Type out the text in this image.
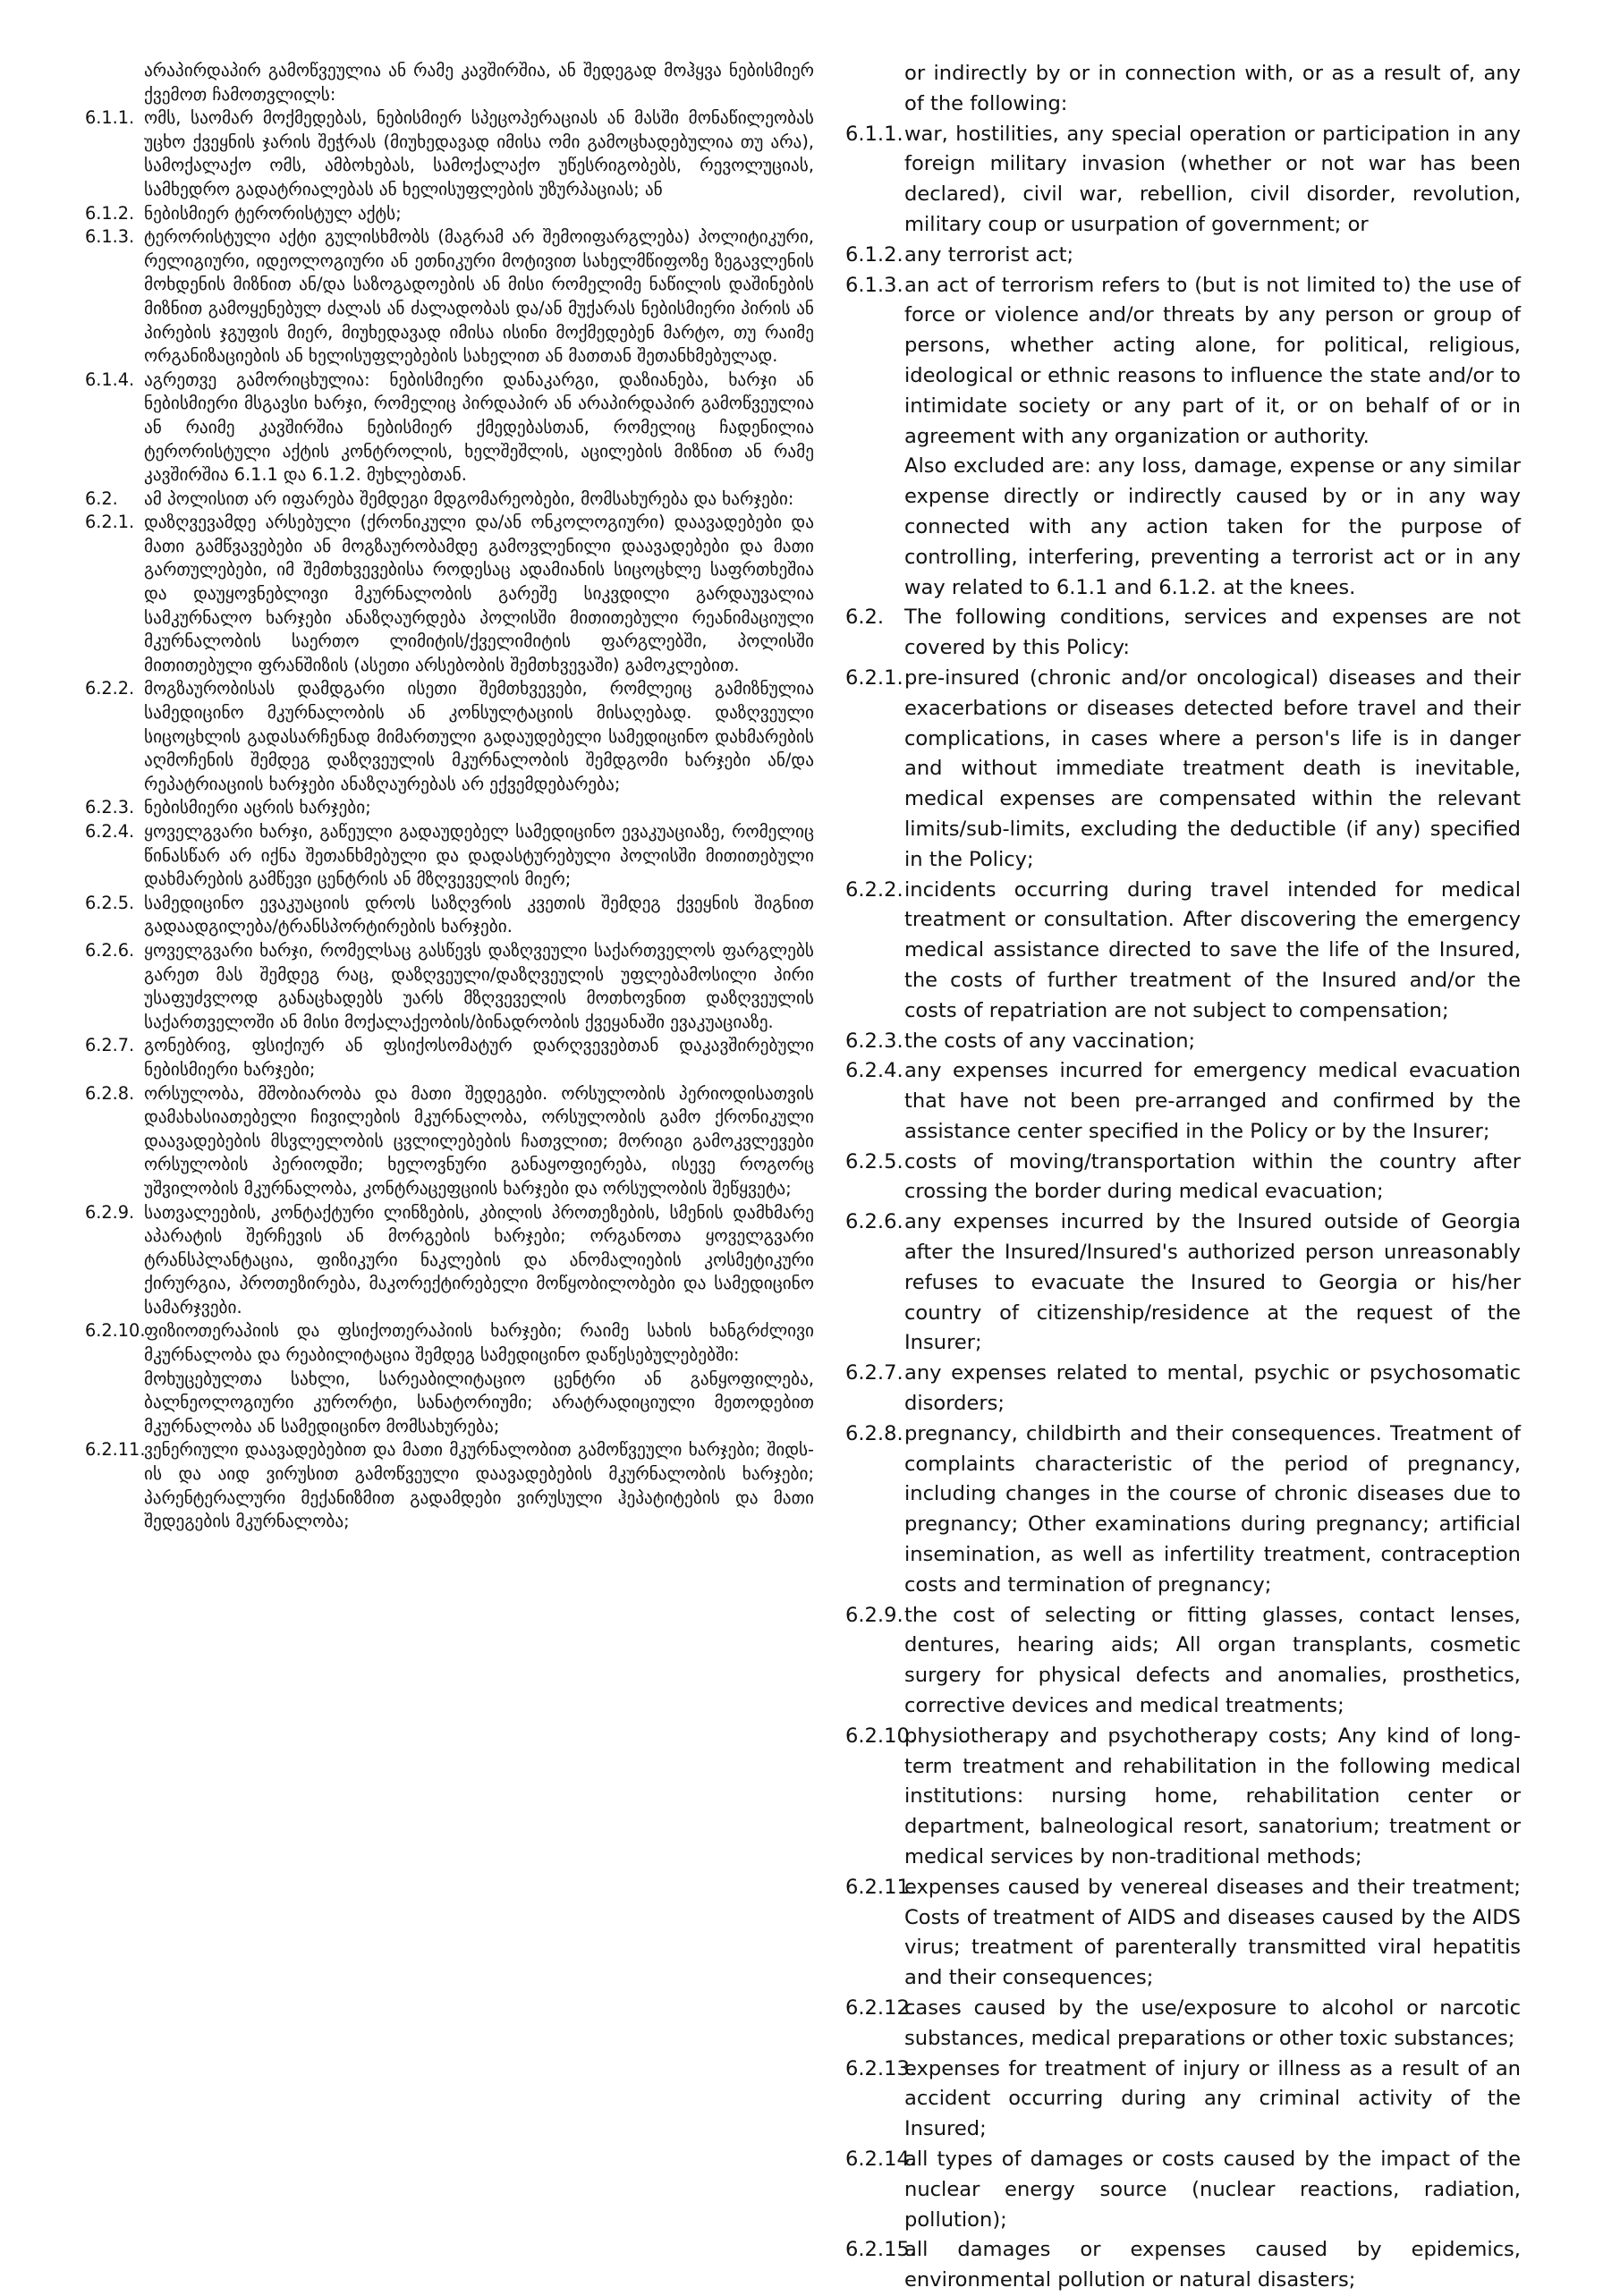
არაპირდაპირ გამოწვეულია ან რამე კავშირშია, ან შედეგად მოჰყვა ნებისმიერ ქვემოთ ჩამოთვლილს:
6.1.1. ომს, საომარ მოქმედებას, ნებისმიერ სპეცოპერაციას ან მასში მონაწილეობას უცხო ქვეყნის ჯარის შეჭრას (მიუხედავად იმისა ომი გამოცხადებულია თუ არა), სამოქალაქო ომს, ამბოხებას, სამოქალაქო უწესრიგობებს, რევოლუციას, სამხედრო გადატრიალებას ან ხელისუფლების უზურპაციას; ან
6.1.2. ნებისმიერ ტერორისტულ აქტს;
6.1.3. ტერორისტული აქტი გულისხმობს (მაგრამ არ შემოიფარგლება) პოლიტიკური, რელიგიური, იდეოლოგიური ან ეთნიკური მოტივით სახელმწიფოზე ზეგავლენის მოხდენის მიზნით ან/და საზოგადოების ან მისი რომელიმე ნაწილის დაშინების მიზნით გამოყენებულ ძალას ან ძალადობას და/ან მუქარას ნებისმიერი პირის ან პირების ჯგუფის მიერ, მიუხედავად იმისა ისინი მოქმედებენ მარტო, თუ რაიმე ორგანიზაციების ან ხელისუფლებების სახელით ან მათთან შეთანხმებულად.
6.1.4. აგრეთვე გამორიცხულია: ნებისმიერი დანაკარგი, დაზიანება, ხარჯი ან ნებისმიერი მსგავსი ხარჯი, რომელიც პირდაპირ ან არაპირდაპირ გამოწვეულია ან რაიმე კავშირშია ნებისმიერ ქმედებასთან, რომელიც ჩადენილია ტერორისტული აქტის კონტროლის, ხელშეშლის, აცილების მიზნით ან რამე კავშირშია 6.1.1 და 6.1.2. მუხლებთან.
6.2.	ამ პოლისით არ იფარება შემდეგი მდგომარეობები, მომსახურება და ხარჯები:
6.2.1. დაზღვევამდე არსებული (ქრონიკული და/ან ონკოლოგიური) დაავადებები და მათი გამწვავებები ან მოგზაურობამდე გამოვლენილი დაავადებები და მათი გართულებები, იმ შემთხვევებისა როდესაც ადამიანის სიცოცხლე საფრთხეშია და დაუყოვნებლივი მკურნალობის გარეშე სიკვდილი გარდაუვალია სამკურნალო ხარჯები ანაზღაურდება პოლისში მითითებული რეანიმაციული მკურნალობის საერთო ლიმიტის/ქველიმიტის ფარგლებში, პოლისში მითითებული ფრანშიზის (ასეთი არსებობის შემთხვევაში) გამოკლებით.
6.2.2. მოგზაურობისას დამდგარი ისეთი შემთხვევები, რომლეიც გამიზნულია სამედიცინო მკურნალობის ან კონსულტაციის მისაღებად. დაზღვეული სიცოცხლის გადასარჩენად მიმართული გადაუდებელი სამედიცინო დახმარების აღმოჩენის შემდეგ დაზღვეულის მკურნალობის შემდგომი ხარჯები ან/და რეპატრიაციის ხარჯები ანაზღაურებას არ ექვემდებარება;
6.2.3. ნებისმიერი აცრის ხარჯები;
6.2.4. ყოველგვარი ხარჯი, გაწეული გადაუდებელ სამედიცინო ევაკუაციაზე, რომელიც წინასწარ არ იქნა შეთანხმებული და დადასტურებული პოლისში მითითებული დახმარების გამწევი ცენტრის ან მზღვეველის მიერ;
6.2.5. სამედიცინო ევაკუაციის დროს საზღვრის კვეთის შემდეგ ქვეყნის შიგნით გადაადგილება/ტრანსპორტირების ხარჯები.
6.2.6. ყოველგვარი ხარჯი, რომელსაც გასწევს დაზღვეული საქართველოს ფარგლებს გარეთ მას შემდეგ რაც, დაზღვეული/დაზღვეულის უფლებამოსილი პირი უსაფუძვლოდ განაცხადებს უარს მზღვეველის მოთხოვნით დაზღვეულის საქართველოში ან მისი მოქალაქეობის/ბინადრობის ქვეყანაში ევაკუაციაზე.
6.2.7. გონებრივ, ფსიქიურ ან ფსიქოსომატურ დარღვევებთან დაკავშირებული ნებისმიერი ხარჯები;
6.2.8. ორსულობა, მშობიარობა და მათი შედეგები. ორსულობის პერიოდისათვის დამახასიათებელი ჩივილების მკურნალობა, ორსულობის გამო ქრონიკული დაავადებების მსვლელობის ცვლილებების ჩათვლით; მორიგი გამოკვლევები ორსულობის პერიოდში; ხელოვნური განაყოფიერება, ისევე როგორც უშვილობის მკურნალობა, კონტრაცეფციის ხარჯები და ორსულობის შეწყვეტა;
6.2.9. სათვალეების, კონტაქტური ლინზების, კბილის პროთეზების, სმენის დამხმარე აპარატის შერჩევის ან მორგების ხარჯები; ორგანოთა ყოველგვარი ტრანსპლანტაცია, ფიზიკური ნაკლების და ანომალიების კოსმეტიკური ქირურგია, პროთეზირება, მაკორექტირებელი მოწყობილობები და სამედიცინო სამარჯვები.
6.2.10.
ფიზიოთერაპიის და ფსიქოთერაპიის ხარჯები; რაიმე სახის ხანგრძლივი მკურნალობა და რეაბილიტაცია შემდეგ სამედიცინო დაწესებულებებში:
მოხუცებულთა სახლი, სარეაბილიტაციო ცენტრი ან განყოფილება, ბალნეოლოგიური კურორტი, სანატორიუმი; არატრადიციული მეთოდებით მკურნალობა ან სამედიცინო მომსახურება;
6.2.11.
ვენერიული დაავადებებით და მათი მკურნალობით გამოწვეული ხარჯები; შიდს-ის და აიდ ვირუსით გამოწვეული დაავადებების მკურნალობის ხარჯები; პარენტერალური მექანიზმით გადამდები ვირუსული ჰეპატიტების და მათი შედეგების მკურნალობა;
or indirectly by or in connection with, or as a result of, any of the following:
6.1.1. war, hostilities, any special operation or participation in any foreign military invasion (whether or not war has been declared), civil war, rebellion, civil disorder, revolution, military coup or usurpation of government; or
6.1.2. any terrorist act;
6.1.3. an act of terrorism refers to (but is not limited to) the use of force or violence and/or threats by any person or group of persons, whether acting alone, for political, religious, ideological or ethnic reasons to influence the state and/or to intimidate society or any part of it, or on behalf of or in agreement with any organization or authority.
Also excluded are: any loss, damage, expense or any similar expense directly or indirectly caused by or in any way connected with any action taken for the purpose of controlling, interfering, preventing a terrorist act or in any way related to 6.1.1 and 6.1.2. at the knees.
6.2.	The following conditions, services and expenses are not covered by this Policy:
6.2.1. pre-insured (chronic and/or oncological) diseases and their exacerbations or diseases detected before travel and their complications, in cases where a person's life is in danger and without immediate treatment death is inevitable, medical expenses are compensated within the relevant limits/sub-limits, excluding the deductible (if any) specified in the Policy;
6.2.2. incidents occurring during travel intended for medical treatment or consultation. After discovering the emergency medical assistance directed to save the life of the Insured, the costs of further treatment of the Insured and/or the costs of repatriation are not subject to compensation;
6.2.3. the costs of any vaccination;
6.2.4. any expenses incurred for emergency medical evacuation that have not been pre-arranged and confirmed by the assistance center specified in the Policy or by the Insurer;
6.2.5. costs of moving/transportation within the country after crossing the border during medical evacuation;
6.2.6. any expenses incurred by the Insured outside of Georgia after the Insured/Insured's authorized person unreasonably refuses to evacuate the Insured to Georgia or his/her country of citizenship/residence at the request of the Insurer;
6.2.7. any expenses related to mental, psychic or psychosomatic disorders;
6.2.8. pregnancy, childbirth and their consequences. Treatment of complaints characteristic of the period of pregnancy, including changes in the course of chronic diseases due to pregnancy; Other examinations during pregnancy; artificial insemination, as well as infertility treatment, contraception costs and termination of pregnancy;
6.2.9. the cost of selecting or fitting glasses, contact lenses, dentures, hearing aids; All organ transplants, cosmetic surgery for physical defects and anomalies, prosthetics, corrective devices and medical treatments;
6.2.10.
physiotherapy and psychotherapy costs; Any kind of long-term treatment and rehabilitation in the following medical institutions: nursing home, rehabilitation center or department, balneological resort, sanatorium; treatment or medical services by non-traditional methods;
6.2.11.
expenses caused by venereal diseases and their treatment; Costs of treatment of AIDS and diseases caused by the AIDS virus; treatment of parenterally transmitted viral hepatitis and their consequences;
6.2.12.
cases caused by the use/exposure to alcohol or narcotic substances, medical preparations or other toxic substances;
6.2.13.
expenses for treatment of injury or illness as a result of an accident occurring during any criminal activity of the Insured;
6.2.14.
all types of damages or costs caused by the impact of the nuclear energy source (nuclear reactions, radiation, pollution);
6.2.15.
all damages or expenses caused by epidemics, environmental pollution or natural disasters;
